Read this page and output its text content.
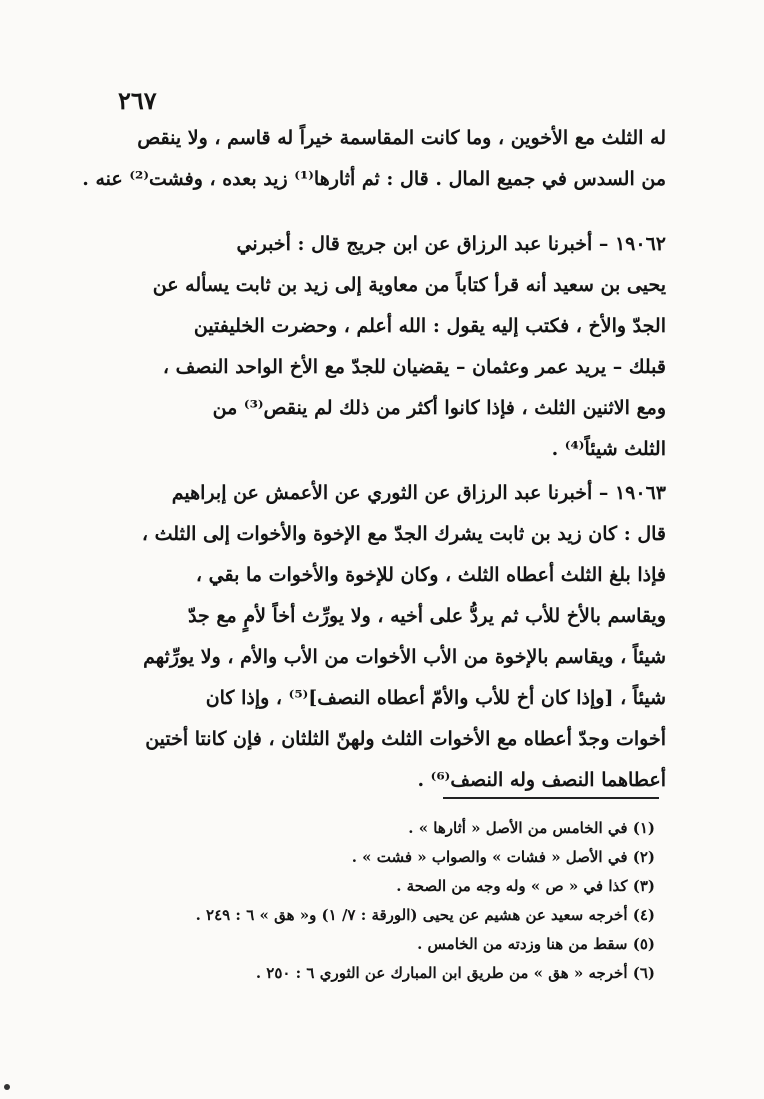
٢٦٧
له الثلث مع الأخوين ، وما كانت المقاسمة خيراً له قاسم ، ولا ينقص
من السدس في جميع المال . قال : ثم أثارها⁽¹⁾ زيد بعده ، وفشت⁽²⁾ عنه .
١٩٠٦٢ – أخبرنا عبد الرزاق عن ابن جريج قال : أخبرني
يحيى بن سعيد أنه قرأ كتاباً من معاوية إلى زيد بن ثابت يسأله عن
الجدّ والأخ ، فكتب إليه يقول : الله أعلم ، وحضرت الخليفتين
قبلك – يريد عمر وعثمان – يقضيان للجدّ مع الأخ الواحد النصف ،
ومع الاثنين الثلث ، فإذا كانوا أكثر من ذلك لم ينقص⁽³⁾ من
الثلث شيئاً⁽⁴⁾ .
١٩٠٦٣ – أخبرنا عبد الرزاق عن الثوري عن الأعمش عن إبراهيم
قال : كان زيد بن ثابت يشرك الجدّ مع الإخوة والأخوات إلى الثلث ،
فإذا بلغ الثلث أعطاه الثلث ، وكان للإخوة والأخوات ما بقي ،
ويقاسم بالأخ للأب ثم يردُّ على أخيه ، ولا يورِّث أخاً لأمٍ مع جدّ
شيئاً ، ويقاسم بالإخوة من الأب الأخوات من الأب والأم ، ولا يورِّثهم
شيئاً ، [وإذا كان أخ للأب والأمّ أعطاه النصف]⁽⁵⁾ ، وإذا كان
أخوات وجدّ أعطاه مع الأخوات الثلث ولهنّ الثلثان ، فإن كانتا أختين
أعطاهما النصف وله النصف⁽⁶⁾ .
(١) في الخامس من الأصل « أثارها » .
(٢) في الأصل « فشات » والصواب « فشت » .
(٣) كذا في « ص » وله وجه من الصحة .
(٤) أخرجه سعيد عن هشيم عن يحيى (الورقة : ٧/ ١) و« هق » ٦ : ٢٤٩ .
(٥) سقط من هنا وزدته من الخامس .
(٦) أخرجه « هق » من طريق ابن المبارك عن الثوري ٦ : ٢٥٠ .
